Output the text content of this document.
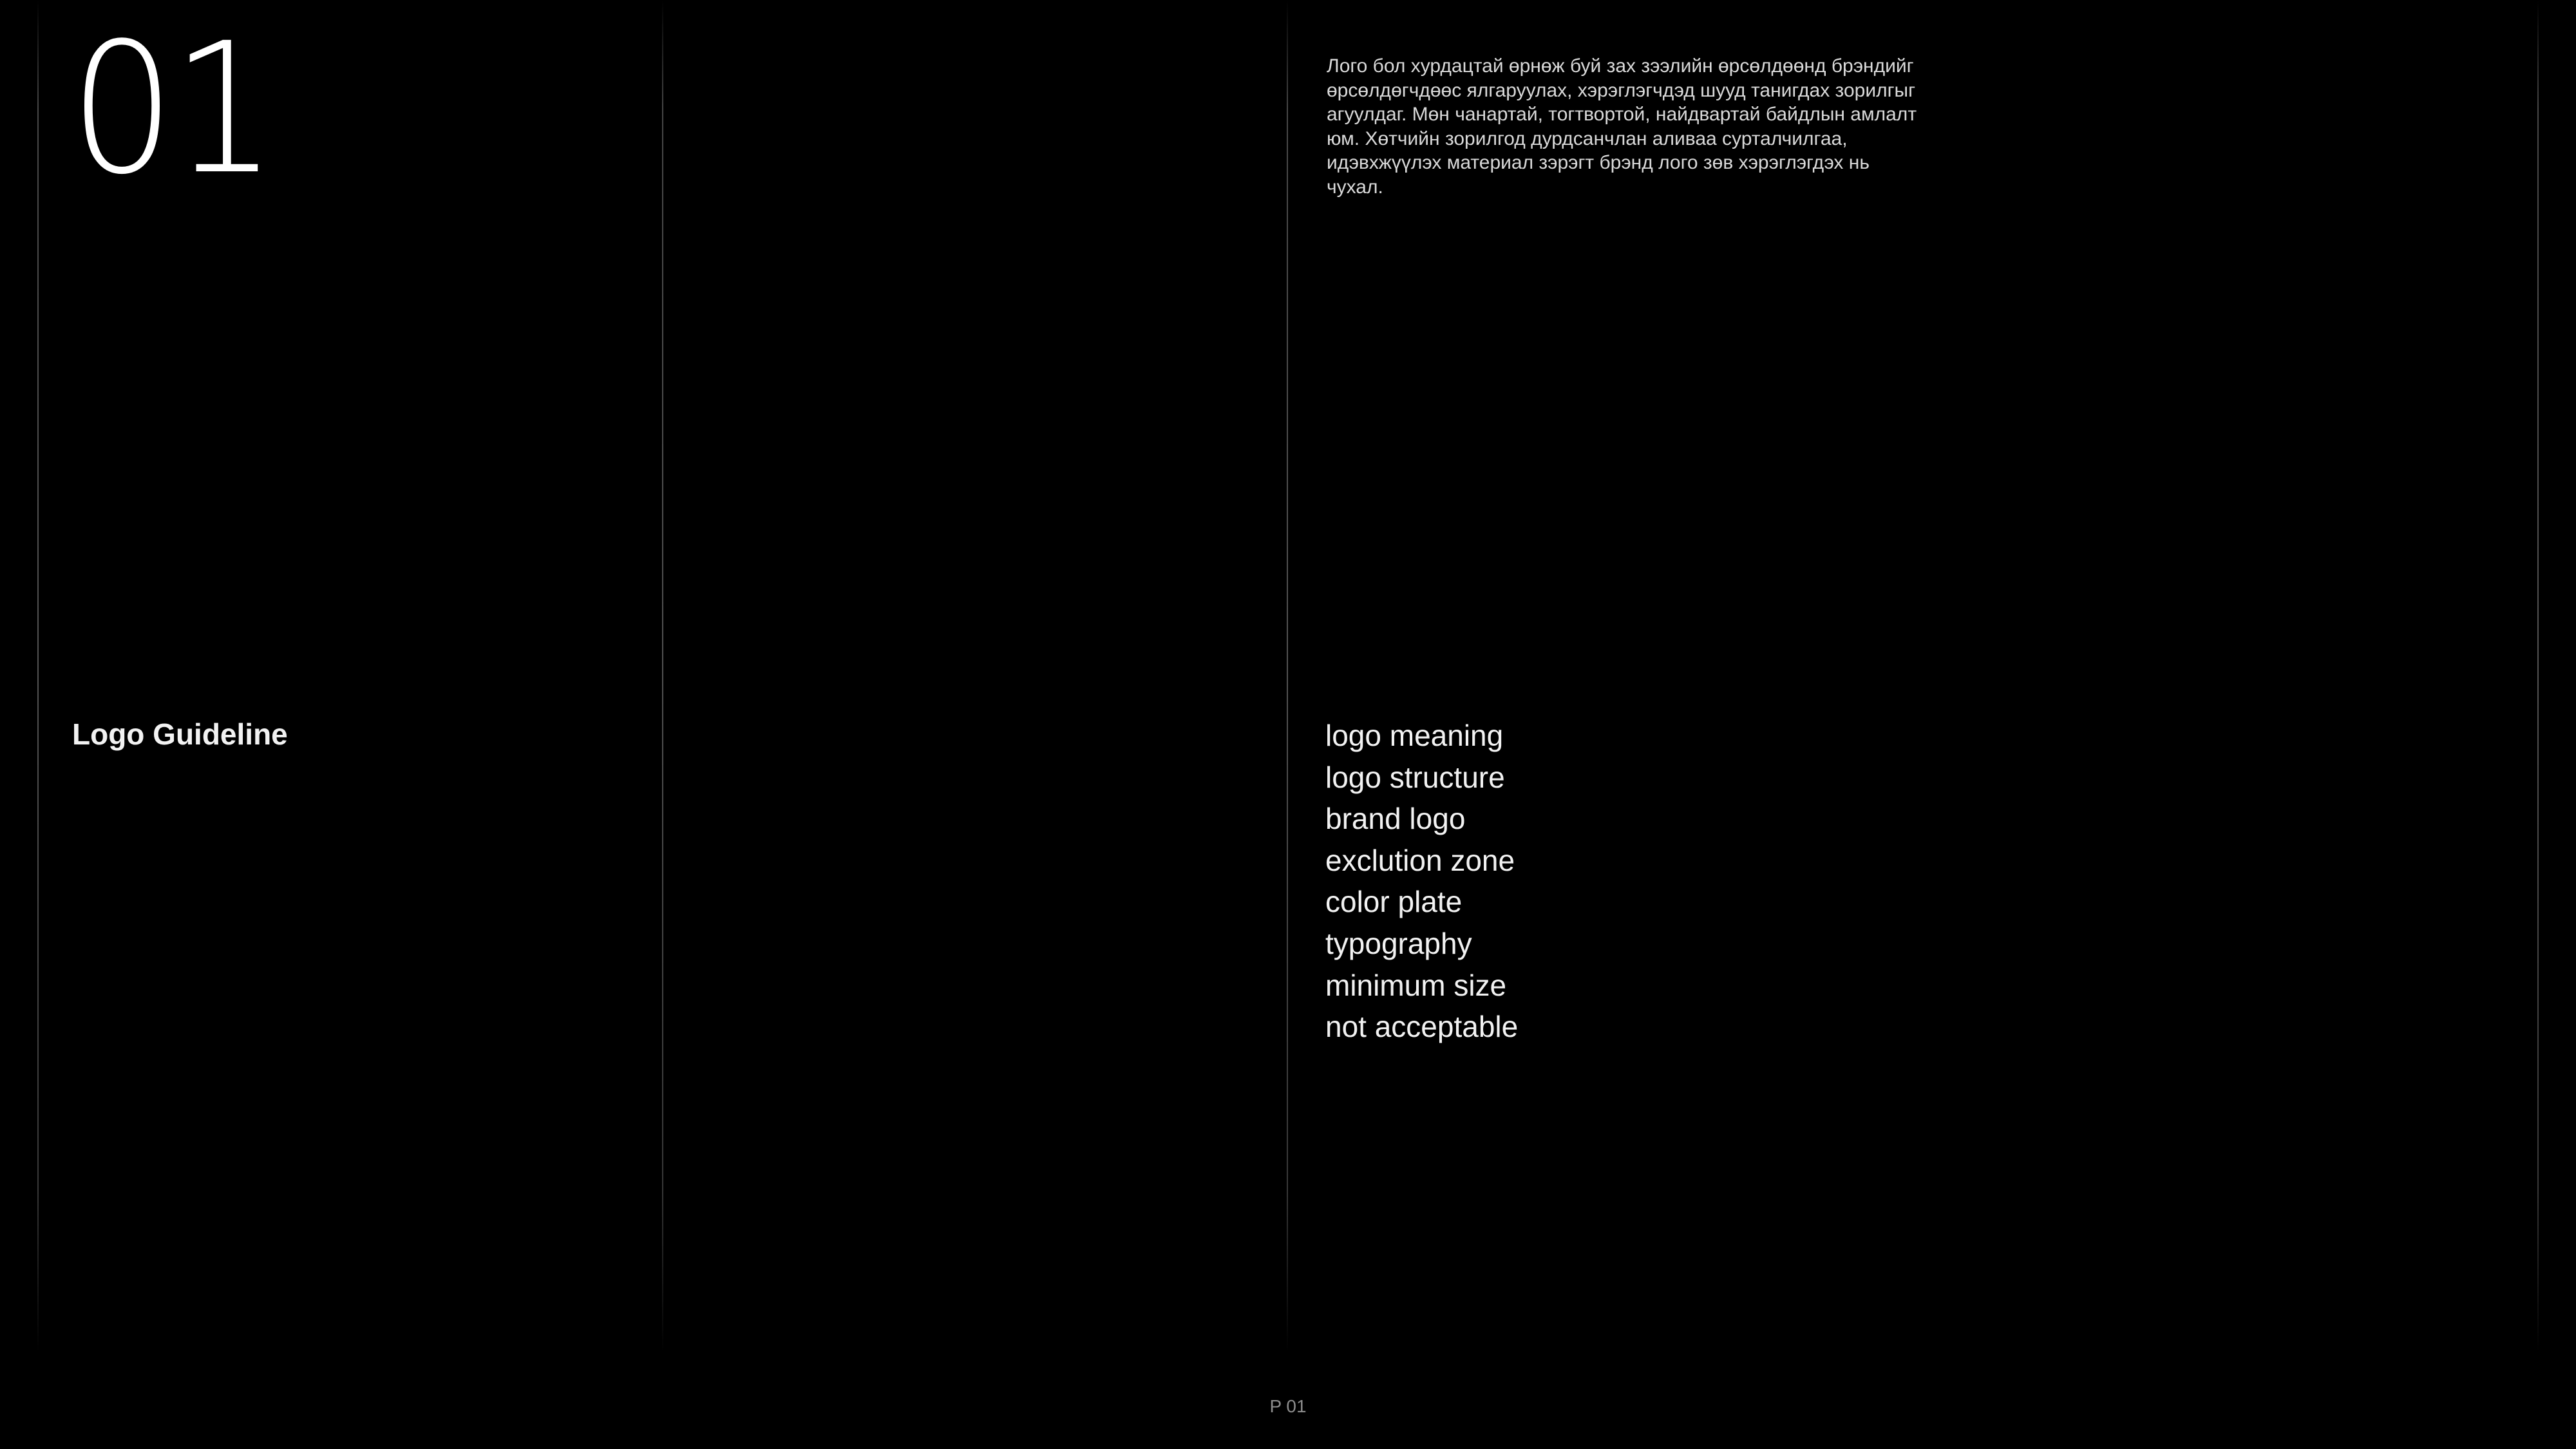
01	Лого бол хурдацтай өрнөж буй зах зээлийн өрсөлдөөнд брэндийг өрсөлдөгчдөөс ялгаруулах, хэрэглэгчдэд шууд танигдах зорилгыг агуулдаг. Мөн чанартай, тогтвортой, найдвартай байдлын амлалт юм. Хөтчийн зорилгод дурдсанчлан аливаа сурталчилгаа, идэвхжүүлэх материал зэрэгт брэнд лого зөв хэрэглэгдэх нь чухал.

Logo Guideline	logo meaning
logo structure
brand logo
exclution zone
color plate
typography
minimum size
not acceptable

P 01
